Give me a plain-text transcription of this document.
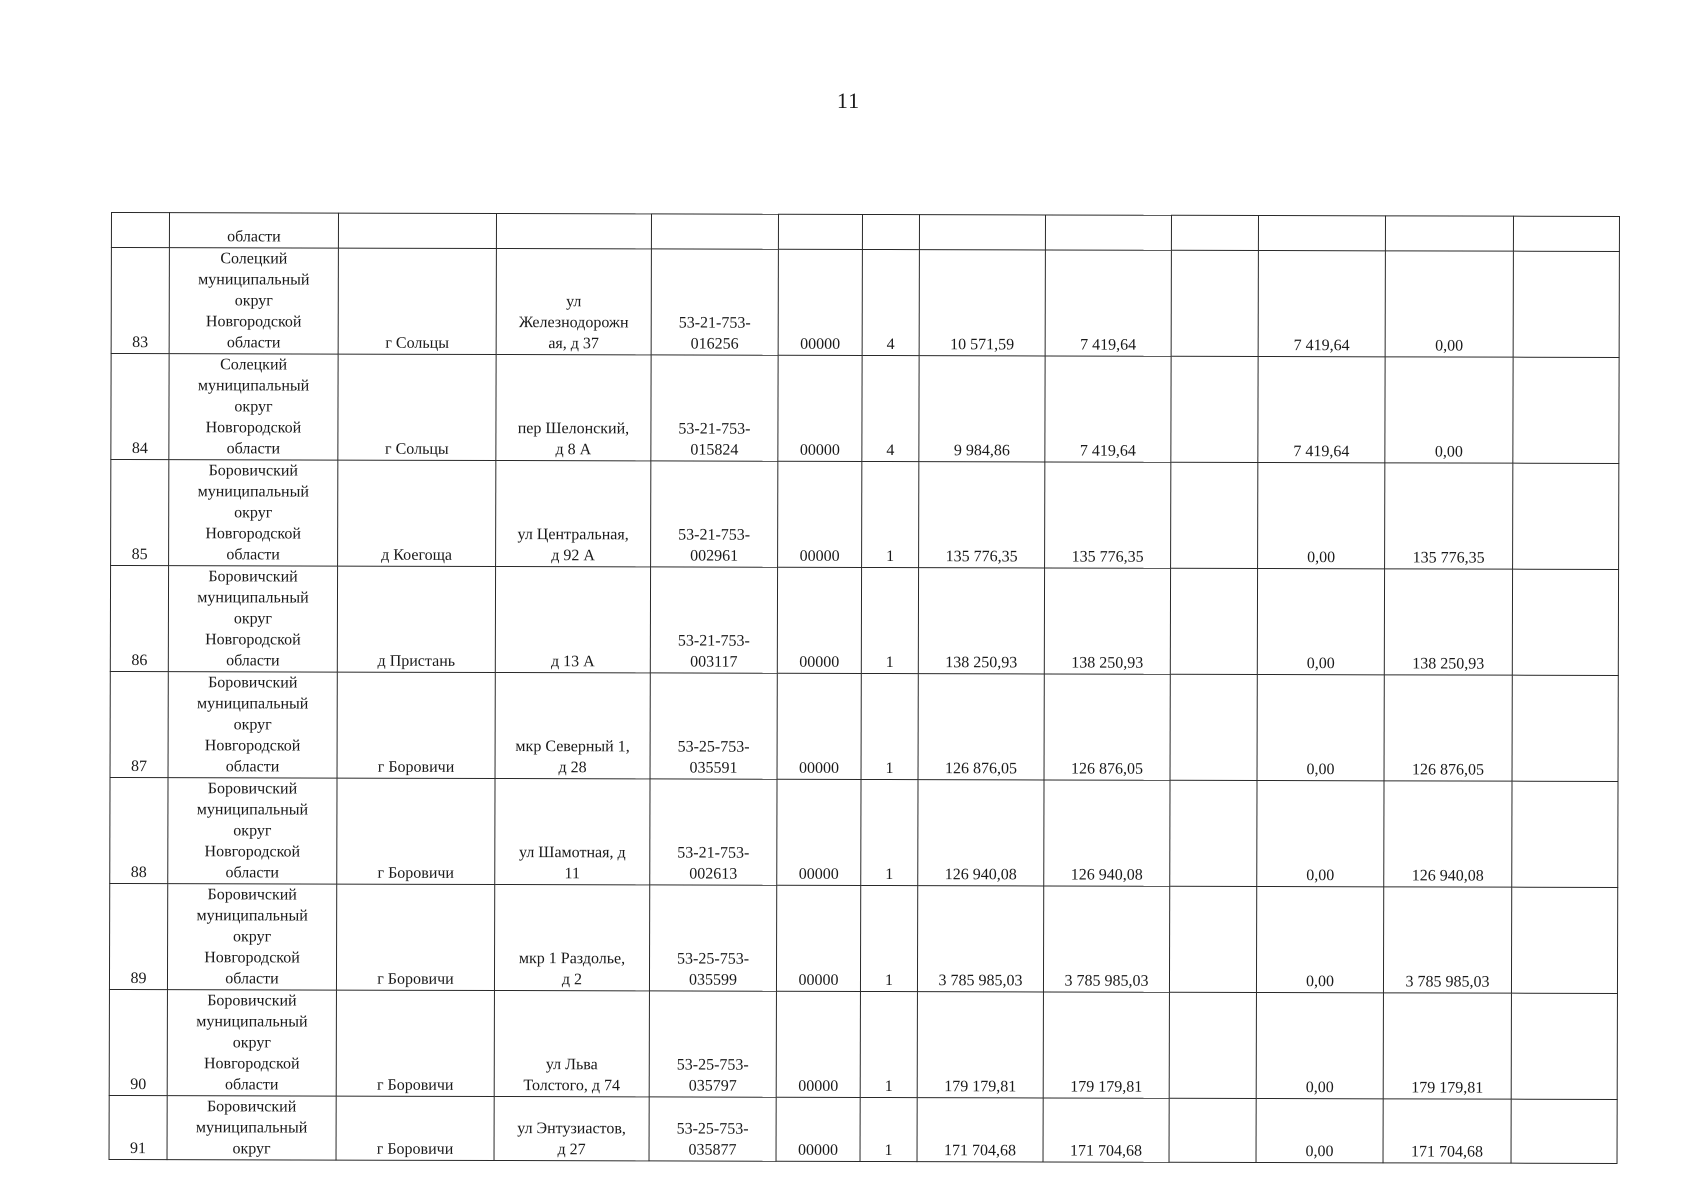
11
	области											
83	Солецкий
муниципальный
округ
Новгородской
области	г Сольцы	ул
Железнодорожн
ая, д 37	53-21-753-
016256	00000	4	10 571,59	7 419,64		7 419,64	0,00	
84	Солецкий
муниципальный
округ
Новгородской
области	г Сольцы	пер Шелонский,
д 8 А	53-21-753-
015824	00000	4	9 984,86	7 419,64		7 419,64	0,00	
85	Боровичский
муниципальный
округ
Новгородской
области	д Коегоща	ул Центральная,
д 92 А	53-21-753-
002961	00000	1	135 776,35	135 776,35		0,00	135 776,35	
86	Боровичский
муниципальный
округ
Новгородской
области	д Пристань	д 13 А	53-21-753-
003117	00000	1	138 250,93	138 250,93		0,00	138 250,93	
87	Боровичский
муниципальный
округ
Новгородской
области	г Боровичи	мкр Северный 1,
д 28	53-25-753-
035591	00000	1	126 876,05	126 876,05		0,00	126 876,05	
88	Боровичский
муниципальный
округ
Новгородской
области	г Боровичи	ул Шамотная, д
11	53-21-753-
002613	00000	1	126 940,08	126 940,08		0,00	126 940,08	
89	Боровичский
муниципальный
округ
Новгородской
области	г Боровичи	мкр 1 Раздолье,
д 2	53-25-753-
035599	00000	1	3 785 985,03	3 785 985,03		0,00	3 785 985,03	
90	Боровичский
муниципальный
округ
Новгородской
области	г Боровичи	ул Льва
Толстого, д 74	53-25-753-
035797	00000	1	179 179,81	179 179,81		0,00	179 179,81	
91	Боровичский
муниципальный
округ	г Боровичи	ул Энтузиастов,
д 27	53-25-753-
035877	00000	1	171 704,68	171 704,68		0,00	171 704,68	
